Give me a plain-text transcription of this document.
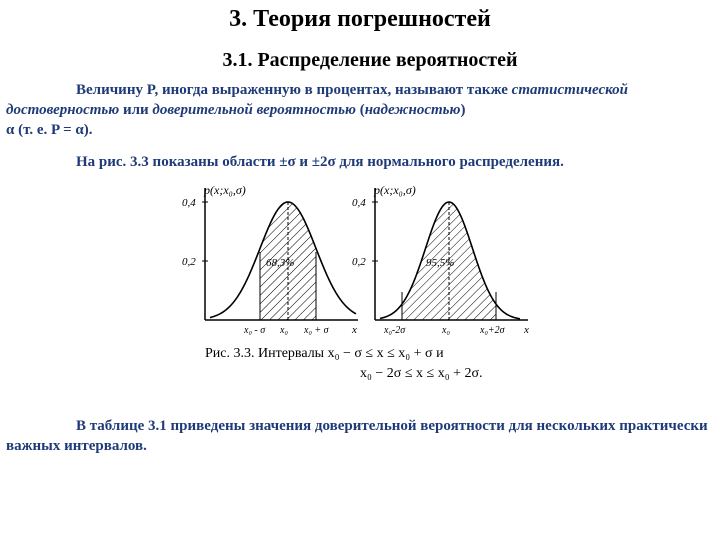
3. Теория погрешностей
3.1. Распределение вероятностей
Величину P, иногда выраженную в процентах, называют также статистической достоверностью или доверительной вероятностью (надежностью)
α (т. е. P = α).
На рис. 3.3 показаны области ±σ и ±2σ для нормального распределения.
p(x;x₀,σ)
0,4
0,2	68,3%
x₀ - σ x₀ x₀ + σ x
p(x;x₀,σ)
0,4
0,2	95,5%
x₀-2σ	x₀	x₀+2σ x
Рис. 3.3. Интервалы x₀ − σ ≤ x ≤ x₀ + σ и
x₀ − 2σ ≤ x ≤ x₀ + 2σ.
В таблице 3.1 приведены значения доверительной вероятности для нескольких практически важных интервалов.
